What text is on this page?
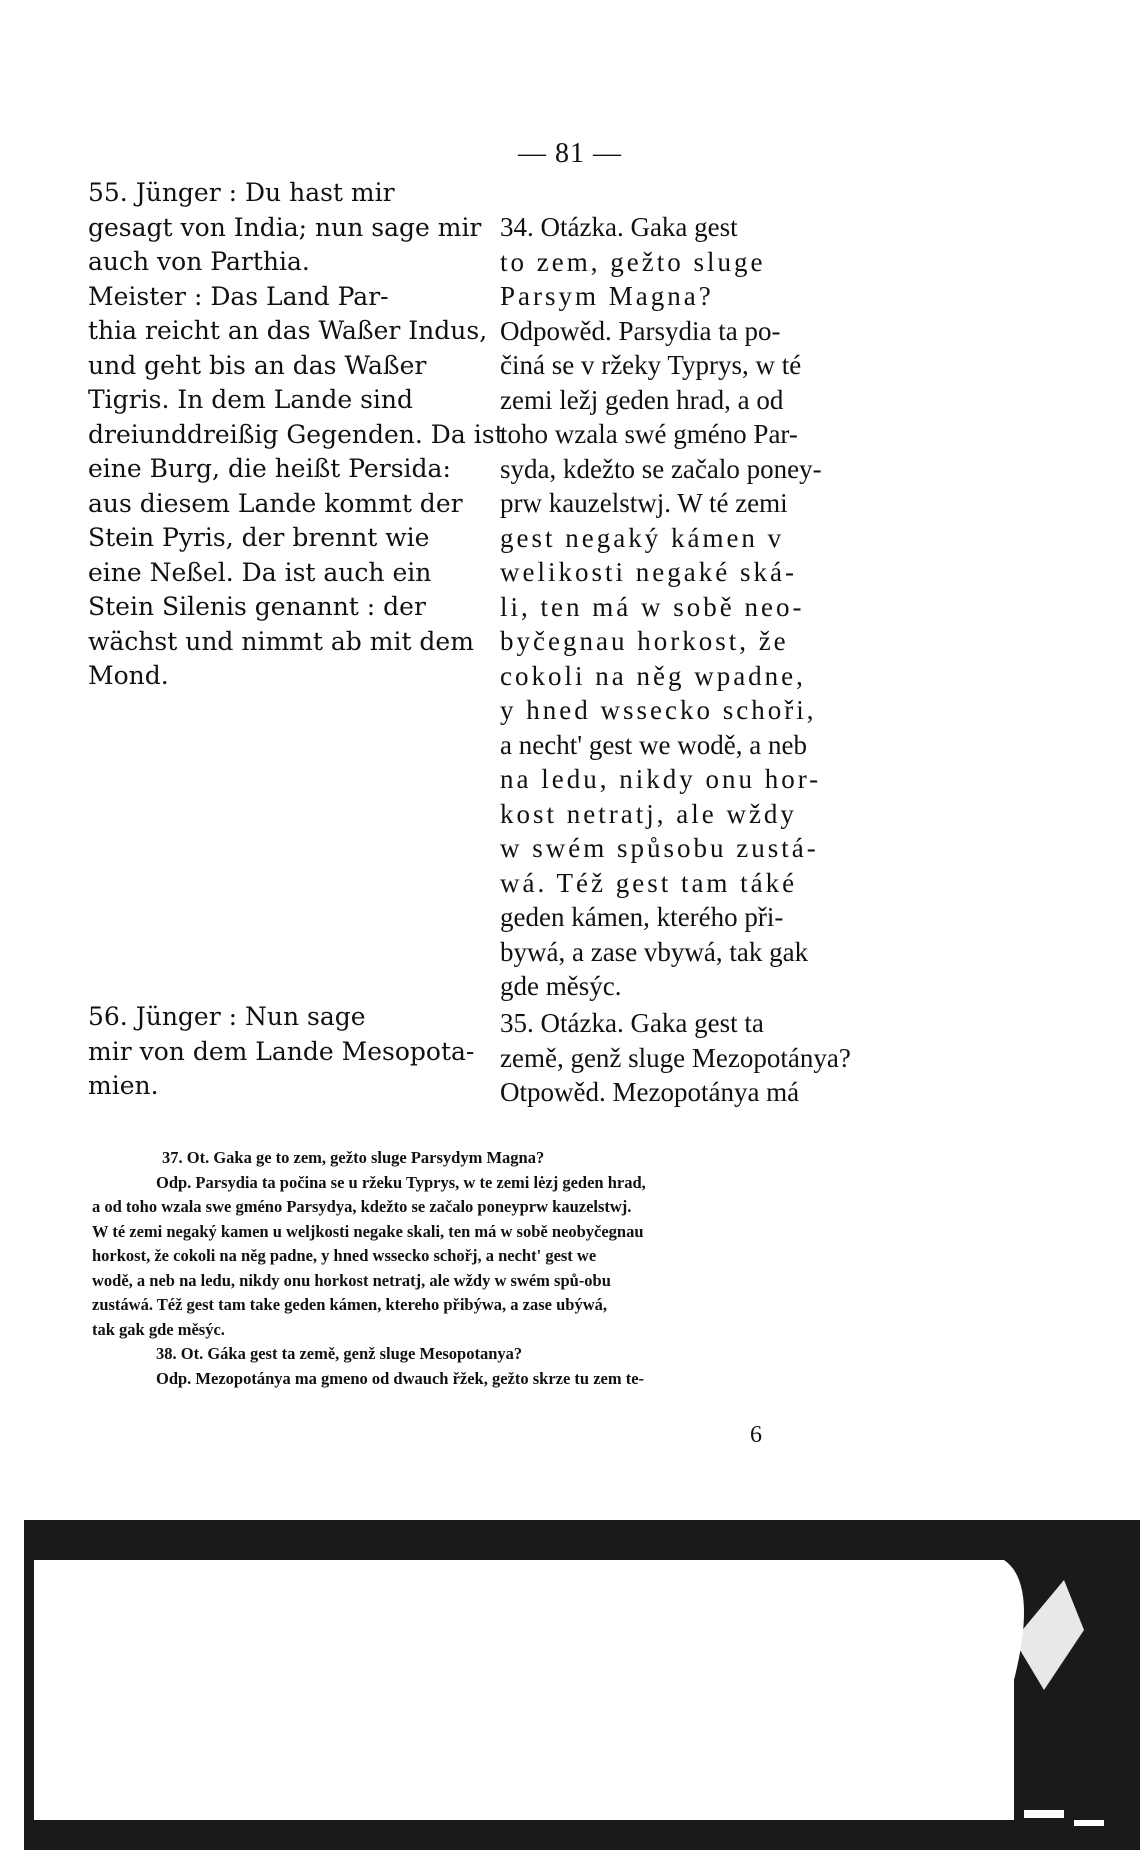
— 81 —
55. Jünger : Du hast mir
gesagt von India; nun sage mir
auch von Parthia.
Meister : Das Land Par-
thia reicht an das Waßer Indus,
und geht bis an das Waßer
Tigris. In dem Lande sind
dreiunddreißig Gegenden. Da ist
eine Burg, die heißt Persida:
aus diesem Lande kommt der
Stein Pyris, der brennt wie
eine Neßel. Da ist auch ein
Stein Silenis genannt : der
wächst und nimmt ab mit dem
Mond.
56. Jünger : Nun sage
mir von dem Lande Mesopota-
mien.
34. Otázka. Gaka gest
to zem, gežto sluge
Parsym Magna?
Odpowěd. Parsydia ta po-
činá se v ržeky Typrys, w té
zemi ležj geden hrad, a od
toho wzala swé gméno Par-
syda, kdežto se začalo poney-
prw kauzelstwj. W té zemi
gest negaký kámen v
welikosti negaké ská-
li, ten má w sobě neo-
byčegnau horkost, že
cokoli na něg wpadne,
y hned wssecko schoři,
a necht' gest we wodě, a neb
na ledu, nikdy onu hor-
kost netratj, ale wždy
w swém spůsobu zustá-
wá. Též gest tam táké
geden kámen, kterého při-
bywá, a zase vbywá, tak gak
gde měsýc.
35. Otázka. Gaka gest ta
země, genž sluge Mezopotánya?
Otpowěd. Mezopotánya má
37. Ot. Gaka ge to zem, gežto sluge Parsydym Magna?
Odp. Parsydia ta počina se u ržeku Typrys, w te zemi lėzj geden hrad,
a od toho wzala swe gméno Parsydya, kdežto se začalo poneyprw kauzelstwj.
W té zemi negaký kamen u weljkosti negake skali, ten má w sobě neobyčegnau
horkost, že cokoli na něg padne, y hned wssecko schořj, a necht' gest we
wodě, a neb na ledu, nikdy onu horkost netratj, ale wždy w swém spů-obu
zustáwá. Též gest tam take geden kámen, ktereho přibýwa, a zase ubýwá,
tak gak gde měsýc.
38. Ot. Gáka gest ta země, genž sluge Mesopotanya?
Odp. Mezopotánya ma gmeno od dwauch řžek, gežto skrze tu zem te-
6
